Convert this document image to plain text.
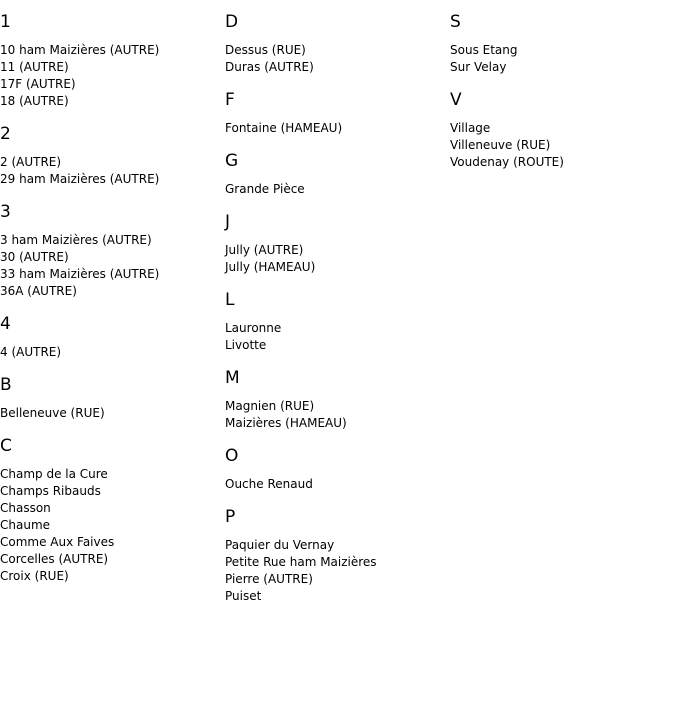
1
10 ham Maizières (AUTRE)
11 (AUTRE)
17F (AUTRE)
18 (AUTRE)
2
2 (AUTRE)
29 ham Maizières (AUTRE)
3
3 ham Maizières (AUTRE)
30 (AUTRE)
33 ham Maizières (AUTRE)
36A (AUTRE)
4
4 (AUTRE)
B
Belleneuve (RUE)
C
Champ de la Cure
Champs Ribauds
Chasson
Chaume
Comme Aux Faives
Corcelles (AUTRE)
Croix (RUE)
D
Dessus (RUE)
Duras (AUTRE)
F
Fontaine (HAMEAU)
G
Grande Pièce
J
Jully (AUTRE)
Jully (HAMEAU)
L
Lauronne
Livotte
M
Magnien (RUE)
Maizières (HAMEAU)
O
Ouche Renaud
P
Paquier du Vernay
Petite Rue ham Maizières
Pierre (AUTRE)
Puiset
S
Sous Etang
Sur Velay
V
Village
Villeneuve (RUE)
Voudenay (ROUTE)
